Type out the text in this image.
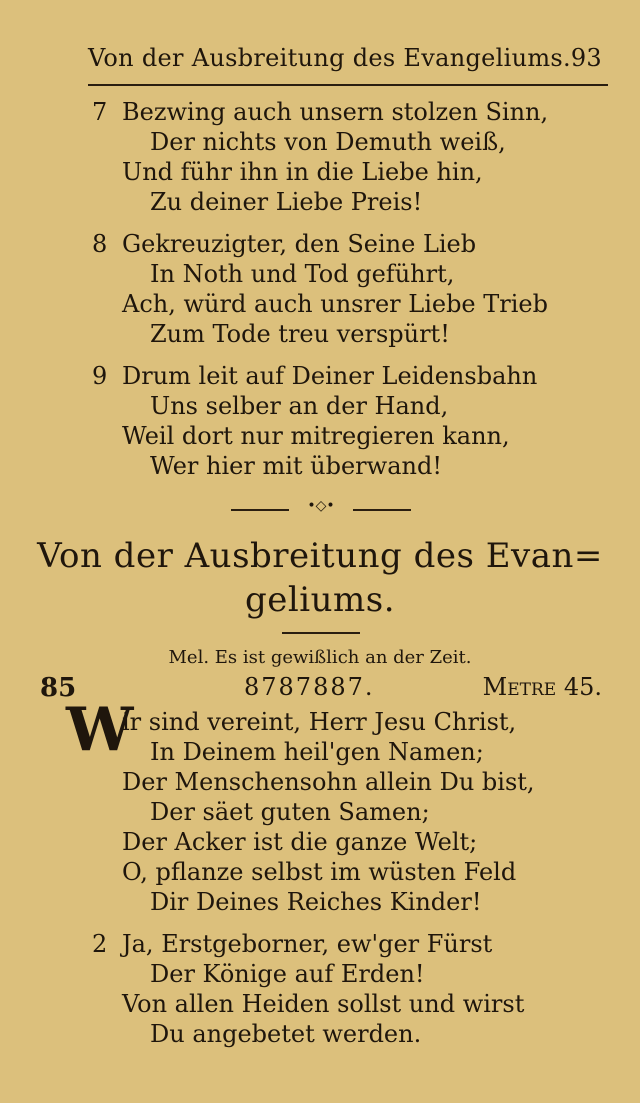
Von der Ausbreitung des Evangeliums. 93
7 Bezwing auch unsern stolzen Sinn,
Der nichts von Demuth weiß,
Und führ ihn in die Liebe hin,
Zu deiner Liebe Preis!
8 Gekreuzigter, den Seine Lieb
In Noth und Tod geführt,
Ach, würd auch unsrer Liebe Trieb
Zum Tode treu verspürt!
9 Drum leit auf Deiner Leidensbahn
Uns selber an der Hand,
Weil dort nur mitregieren kann,
Wer hier mit überwand!
•◇•
Von der Ausbreitung des Evan=
geliums.
Mel. Es ist gewißlich an der Zeit.
85	8787887.	Metre 45.
W
ir sind vereint, Herr Jesu Christ,
In Deinem heil'gen Namen;
Der Menschensohn allein Du bist,
Der säet guten Samen;
Der Acker ist die ganze Welt;
O, pflanze selbst im wüsten Feld
Dir Deines Reiches Kinder!
2 Ja, Erstgeborner, ew'ger Fürst
Der Könige auf Erden!
Von allen Heiden sollst und wirst
Du angebetet werden.
